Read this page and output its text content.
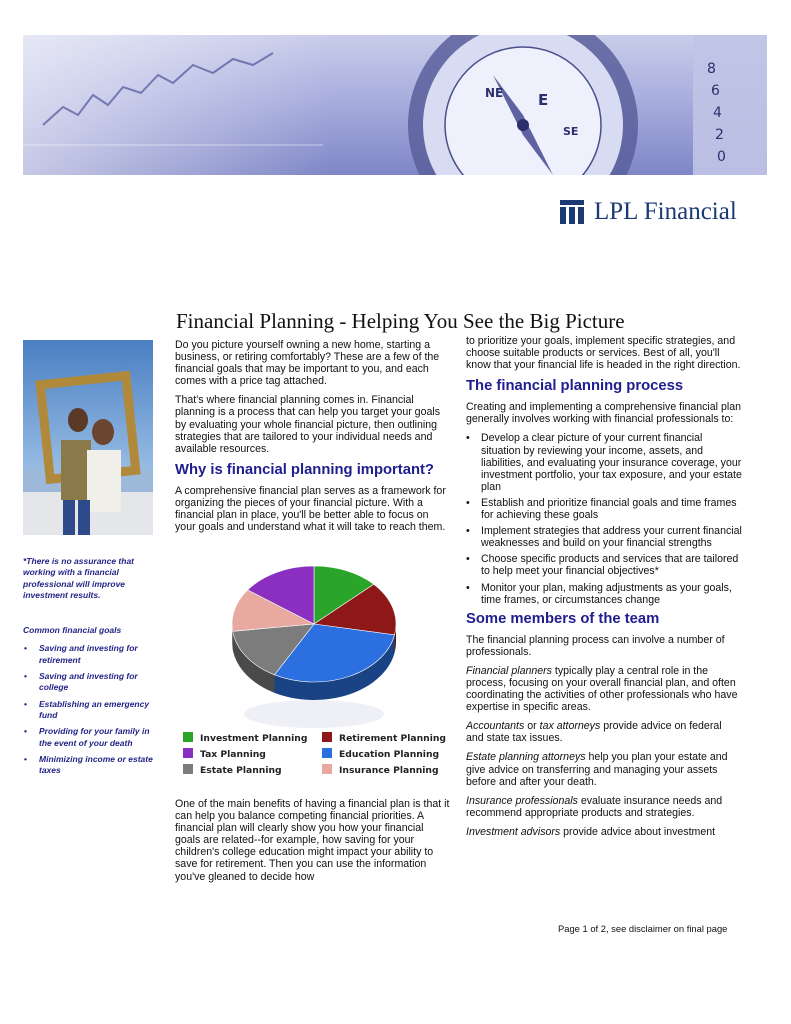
NE E
SE
8
6
4
2
0
LPL Financial
Financial Planning - Helping You See the Big Picture

*There is no assurance that working with a financial professional will improve investment results.

Common financial goals
• Saving and investing for retirement
• Saving and investing for college
• Establishing an emergency fund
• Providing for your family in the event of your death
• Minimizing income or estate taxes

Do you picture yourself owning a new home, starting a business, or retiring comfortably? These are a few of the financial goals that may be important to you, and each comes with a price tag attached.

That's where financial planning comes in. Financial planning is a process that can help you target your goals by evaluating your whole financial picture, then outlining strategies that are tailored to your individual needs and available resources.

Why is financial planning important?

A comprehensive financial plan serves as a framework for organizing the pieces of your financial picture. With a financial plan in place, you'll be better able to focus on your goals and understand what it will take to reach them.

Investment Planning	Retirement Planning
Tax Planning	Education Planning
Estate Planning	Insurance Planning

One of the main benefits of having a financial plan is that it can help you balance competing financial priorities. A financial plan will clearly show you how your financial goals are related--for example, how saving for your children's college education might impact your ability to save for retirement. Then you can use the information you've gleaned to decide how

to prioritize your goals, implement specific strategies, and choose suitable products or services. Best of all, you'll know that your financial life is headed in the right direction.

The financial planning process

Creating and implementing a comprehensive financial plan generally involves working with financial professionals to:

• Develop a clear picture of your current financial situation by reviewing your income, assets, and liabilities, and evaluating your insurance coverage, your investment portfolio, your tax exposure, and your estate plan
• Establish and prioritize financial goals and time frames for achieving these goals
• Implement strategies that address your current financial weaknesses and build on your financial strengths
• Choose specific products and services that are tailored to help meet your financial objectives*
• Monitor your plan, making adjustments as your goals, time frames, or circumstances change
Some members of the team

The financial planning process can involve a number of professionals.

Financial planners typically play a central role in the process, focusing on your overall financial plan, and often coordinating the activities of other professionals who have expertise in specific areas.

Accountants or tax attorneys provide advice on federal and state tax issues.

Estate planning attorneys help you plan your estate and give advice on transferring and managing your assets before and after your death.

Insurance professionals evaluate insurance needs and recommend appropriate products and strategies.

Investment advisors provide advice about investment

Page 1 of 2, see disclaimer on final page
